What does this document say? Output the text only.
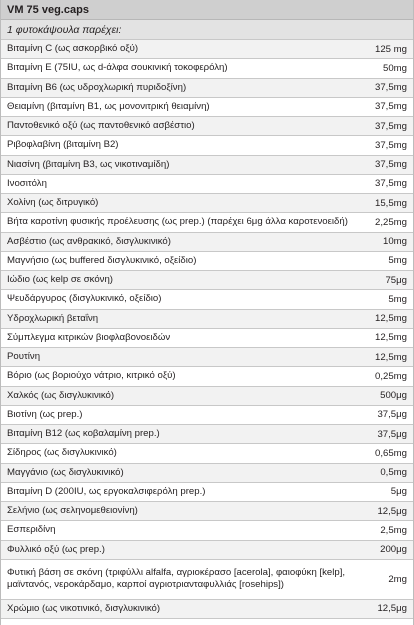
VM 75 veg.caps
1 φυτοκάψουλα παρέχει:
Βιταμίνη C (ως ασκορβικό οξύ)	125 mg
Βιταμίνη Ε (75IU, ως d-άλφα σουκινική τοκοφερόλη)	50mg
Βιταμίνη Β6 (ως υδροχλωρική πυριδοξίνη)	37,5mg
Θειαμίνη (βιταμίνη Β1, ως μονονιτρική θειαμίνη)	37,5mg
Παντοθενικό οξύ (ως παντοθενικό ασβέστιο)	37,5mg
Ριβοφλαβίνη (βιταμίνη Β2)	37,5mg
Νιασίνη (βιταμίνη Β3, ως νικοτιναμίδη)	37,5mg
Ινοσιτόλη	37,5mg
Χολίνη (ως διτρυγικό)	15,5mg
Βήτα καροτίνη φυσικής προέλευσης (ως prep.) (παρέχει 6μg άλλα καροτενοειδή)	2,25mg
Ασβέστιο (ως ανθρακικό, δισγλυκινικό)	10mg
Μαγνήσιο (ως buffered δισγλυκινικό, οξείδιο)	5mg
Ιώδιο (ως kelp σε σκόνη)	75μg
Ψευδάργυρος (δισγλυκινικό, οξείδιο)	5mg
Υδροχλωρική βεταΐνη	12,5mg
Σύμπλεγμα κιτρικών βιοφλαβονοειδών	12,5mg
Ρουτίνη	12,5mg
Βόριο (ως βοριούχο νάτριο, κιτρικό οξύ)	0,25mg
Χαλκός (ως δισγλυκινικό)	500μg
Βιοτίνη (ως prep.)	37,5μg
Βιταμίνη Β12 (ως κοβαλαμίνη prep.)	37,5μg
Σίδηρος (ως δισγλυκινικό)	0,65mg
Μαγγάνιο (ως δισγλυκινικό)	0,5mg
Βιταμίνη D (200IU, ως εργοκαλσιφερόλη prep.)	5μg
Σελήνιο (ως σεληνομεθειονίνη)	12,5μg
Εσπεριδίνη	2,5mg
Φυλλικό οξύ (ως prep.)	200μg
Φυτική βάση σε σκόνη (τριφύλλι alfalfa, αγριοκέρασο [acerola], φαιοφύκη [kelp], μαϊντανός, νεροκάρδαμο, καρποί αγριοτριανταφυλλιάς [rosehips])	2mg
Χρώμιο (ως νικοτινικό, δισγλυκινικό)	12,5μg
